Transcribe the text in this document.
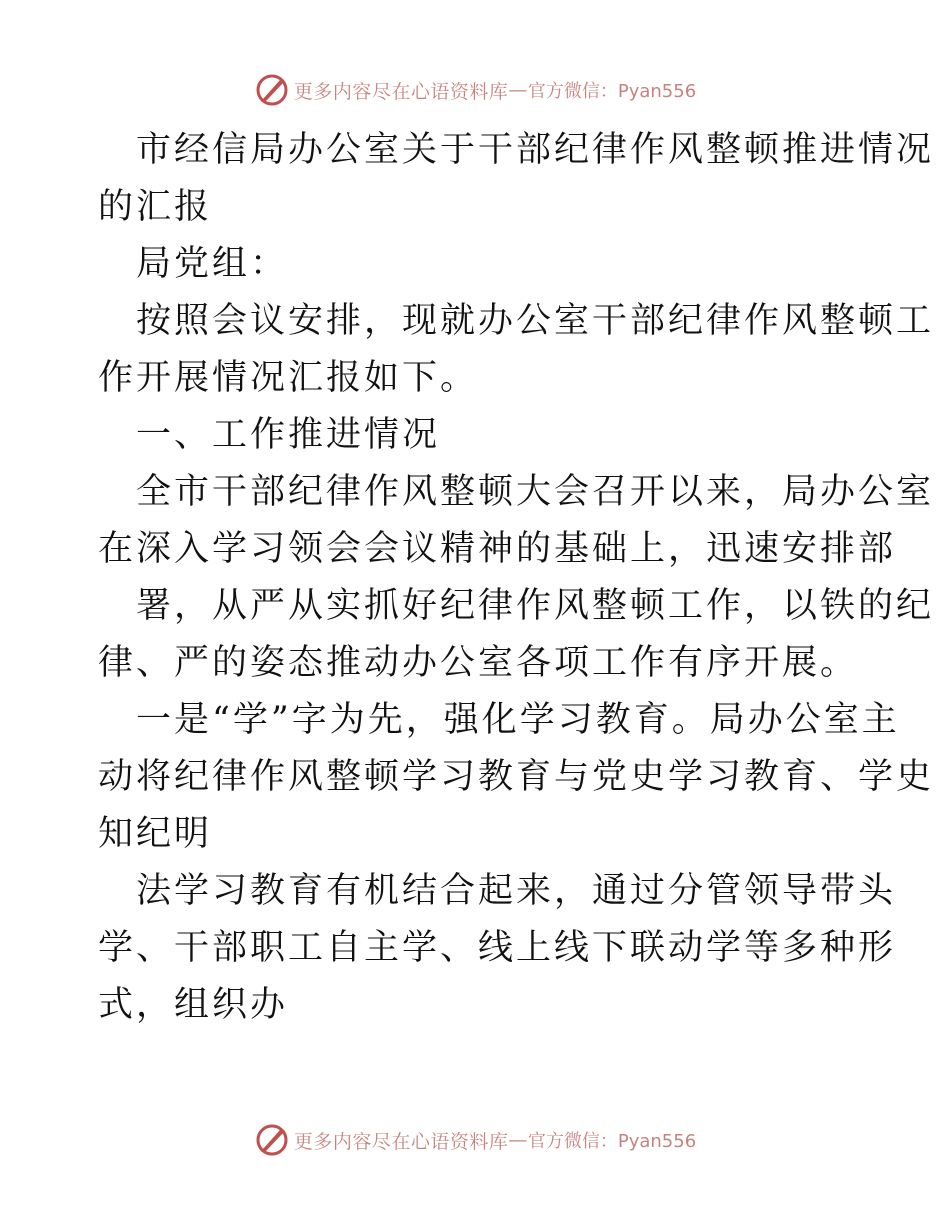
更多内容尽在心语资料库 — 官方微信：Pyan556
市经信局办公室关于干部纪律作风整顿推进情况
的汇报
局党组：
按照会议安排，现就办公室干部纪律作风整顿工
作开展情况汇报如下。
一、工作推进情况
全市干部纪律作风整顿大会召开以来，局办公室
在深入学习领会会议精神的基础上，迅速安排部
署，从严从实抓好纪律作风整顿工作，以铁的纪
律、严的姿态推动办公室各项工作有序开展。
一是“学”字为先，强化学习教育。局办公室主
动将纪律作风整顿学习教育与党史学习教育、学史
知纪明
法学习教育有机结合起来，通过分管领导带头
学、干部职工自主学、线上线下联动学等多种形
式，组织办
更多内容尽在心语资料库 — 官方微信：Pyan556
